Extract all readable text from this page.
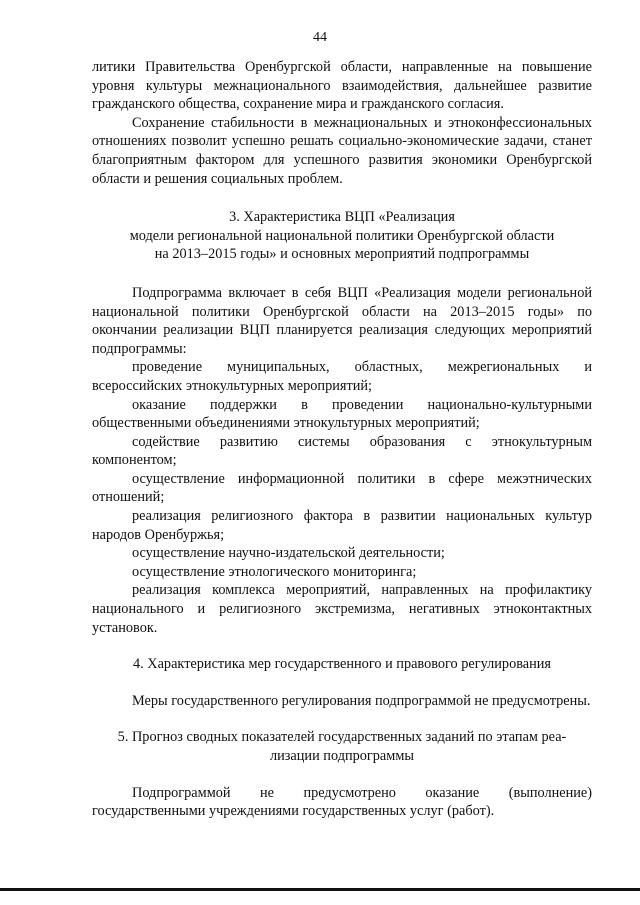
44

литики Правительства Оренбургской области, направленные на повышение уровня культуры межнационального взаимодействия, дальнейшее развитие гражданского общества, сохранение мира и гражданского согласия.

Сохранение стабильности в межнациональных и этноконфессиональных отношениях позволит успешно решать социально-экономические задачи, станет благоприятным фактором для успешного развития экономики Оренбургской области и решения социальных проблем.

3. Характеристика ВЦП «Реализация

модели региональной национальной политики Оренбургской области

на 2013–2015 годы» и основных мероприятий подпрограммы

Подпрограмма включает в себя ВЦП «Реализация модели региональной национальной политики Оренбургской области на 2013–2015 годы» по окончании реализации ВЦП планируется реализация следующих мероприятий подпрограммы:

проведение муниципальных, областных, межрегиональных и всероссийских этнокультурных мероприятий;

оказание поддержки в проведении национально-культурными общественными объединениями этнокультурных мероприятий;

содействие развитию системы образования с этнокультурным компонентом;

осуществление информационной политики в сфере межэтнических отношений;

реализация религиозного фактора в развитии национальных культур народов Оренбуржья;

осуществление научно-издательской деятельности;

осуществление этнологического мониторинга;

реализация комплекса мероприятий, направленных на профилактику национального и религиозного экстремизма, негативных этноконтактных установок.

4. Характеристика мер государственного и правового регулирования

Меры государственного регулирования подпрограммой не предусмотрены.

5. Прогноз сводных показателей государственных заданий по этапам реа-

лизации подпрограммы

Подпрограммой не предусмотрено оказание (выполнение) государственными учреждениями государственных услуг (работ).
